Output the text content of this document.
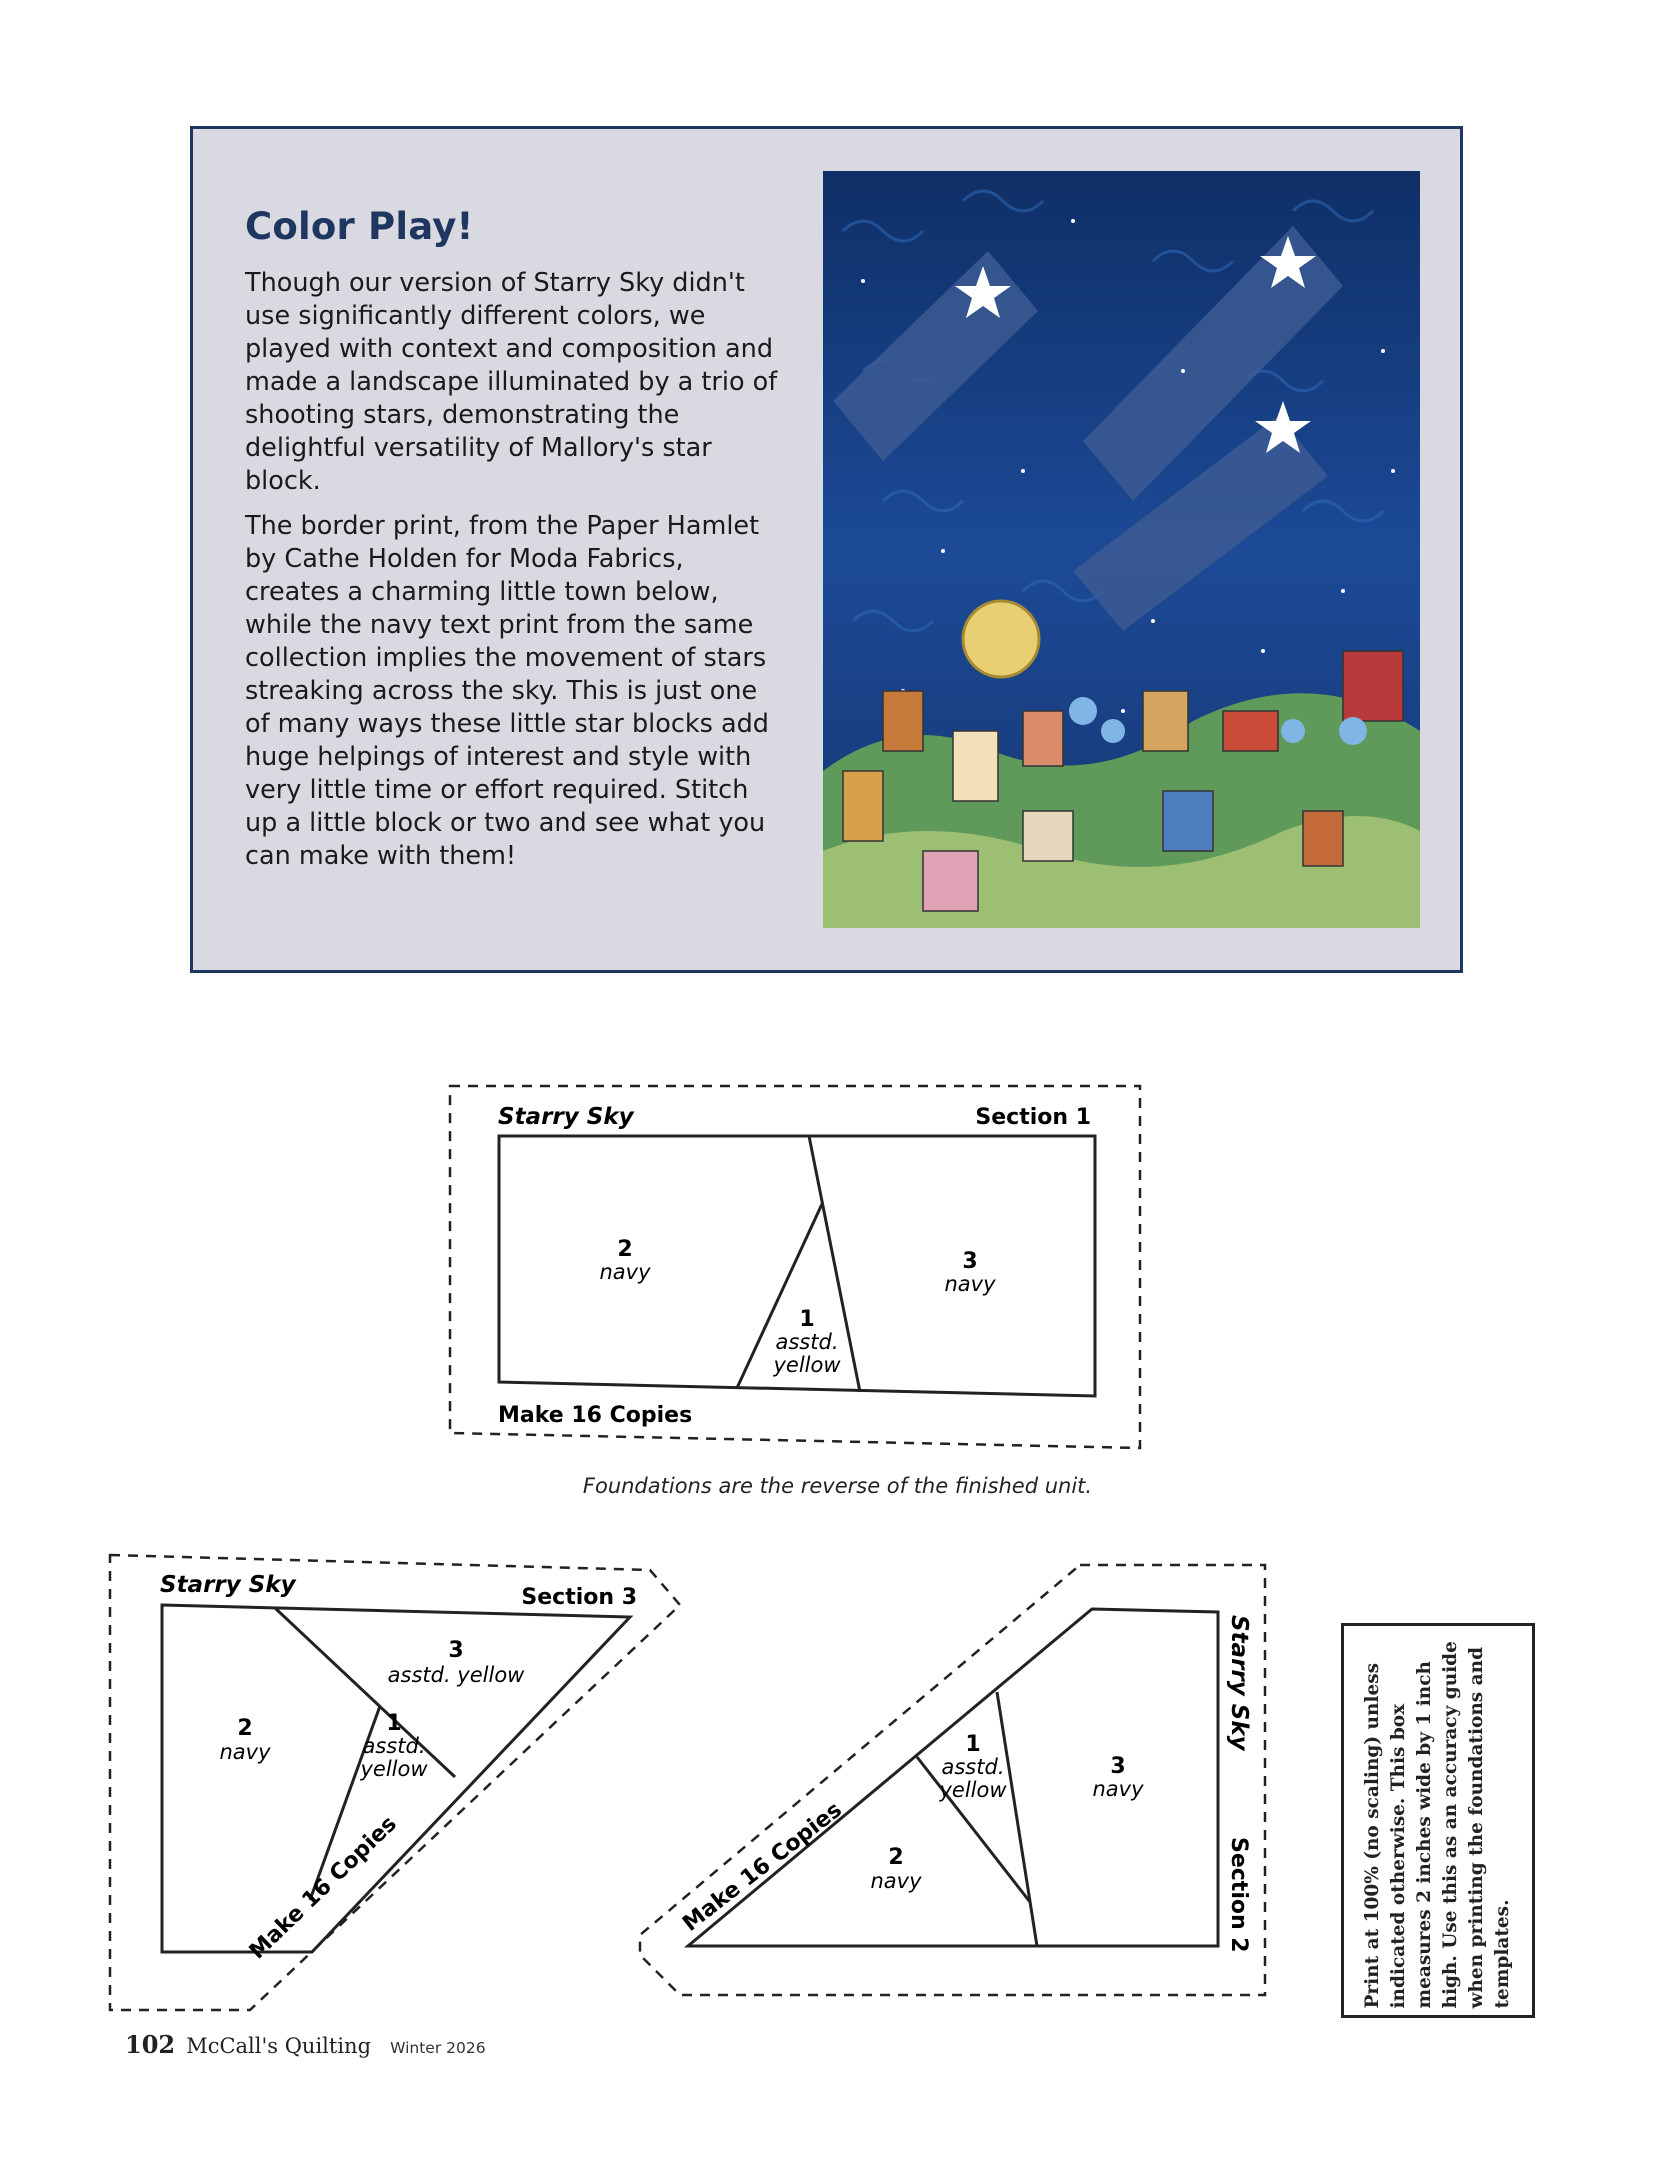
Color Play!

Though our version of Starry Sky didn't use significantly different colors, we played with context and composition and made a landscape illuminated by a trio of shooting stars, demonstrating the delightful versatility of Mallory's star block.

The border print, from the Paper Hamlet by Cathe Holden for Moda Fabrics, creates a charming little town below, while the navy text print from the same collection implies the movement of stars streaking across the sky. This is just one of many ways these little star blocks add huge helpings of interest and style with very little time or effort required. Stitch up a little block or two and see what you can make with them!

Starry Sky	Section 1
2
navy
1
asstd.
yellow
3
navy
Make 16 Copies
Foundations are the reverse of the finished unit.
Starry Sky	Section 3
3
asstd. yellow
2
navy
1
asstd.
yellow
Make 16 Copies
Starry Sky
Section 2
1
asstd.
yellow
3
navy
2
navy
Make 16 Copies	Print at 100% (no scaling) unless indicated otherwise. This box measures 2 inches wide by 1 inch high. Use this as an accuracy guide when printing the foundations and templates.
102 McCall's Quilting Winter 2026
